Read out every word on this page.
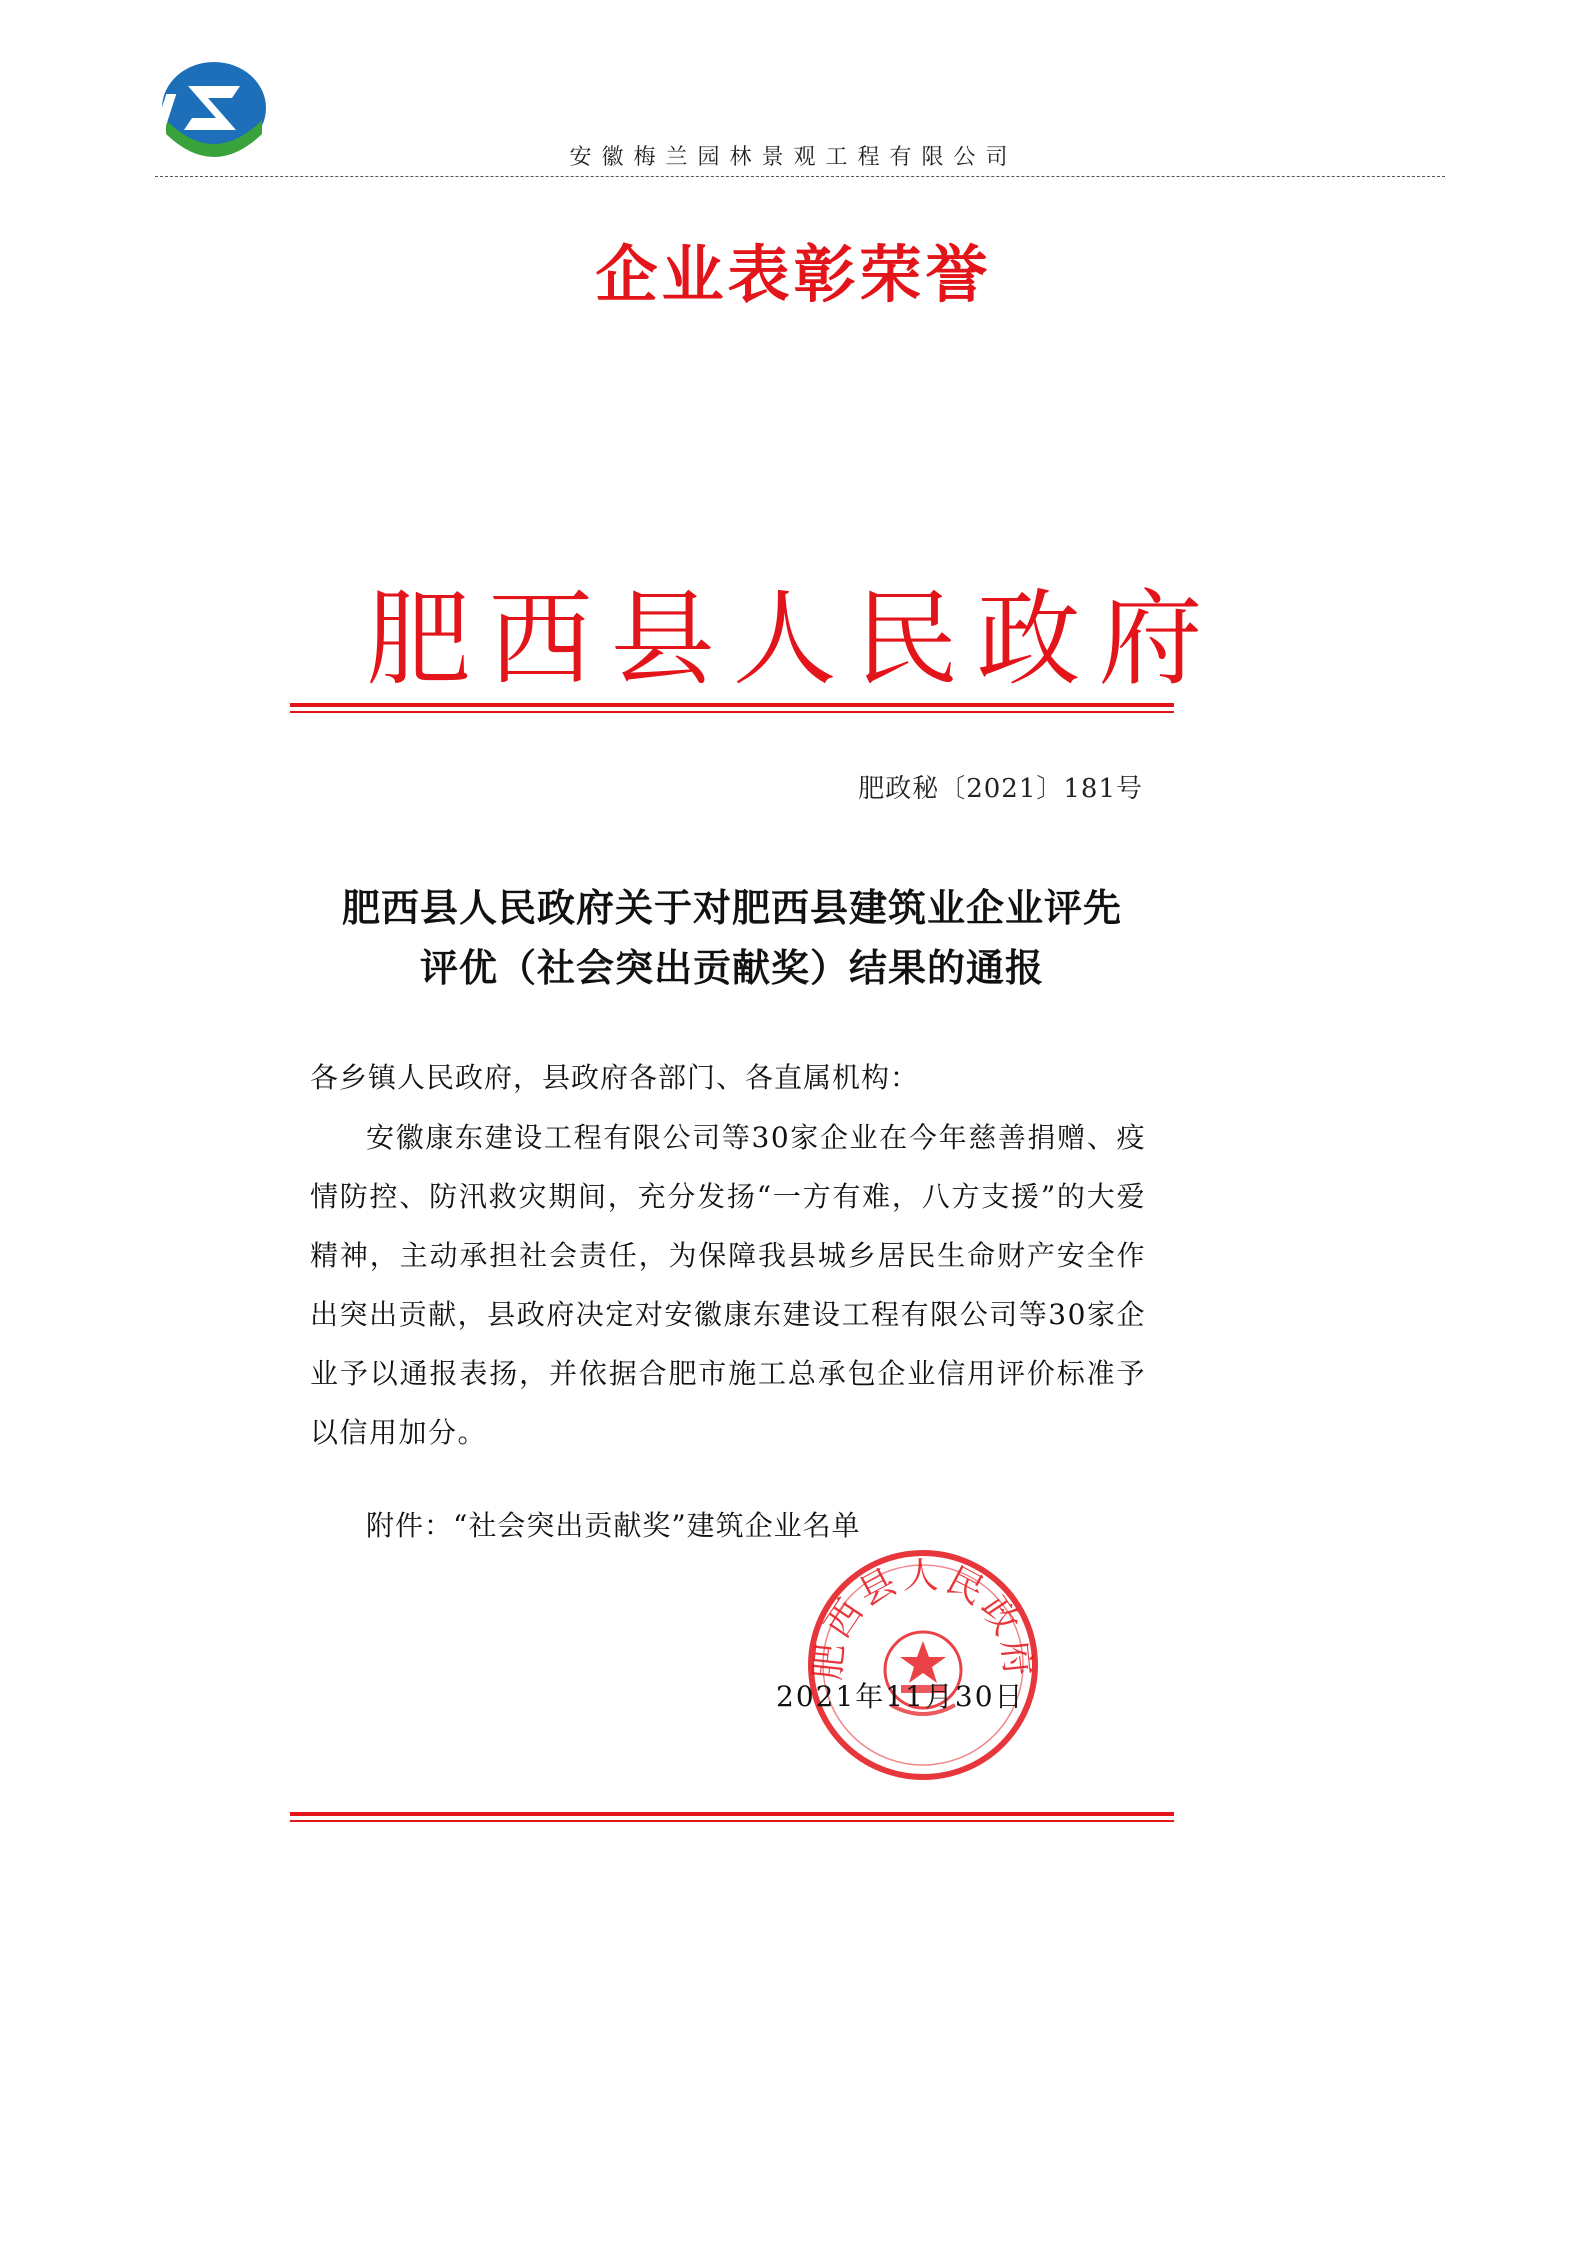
安徽梅兰园林景观工程有限公司
企业表彰荣誉
肥西县人民政府
肥政秘〔2021〕181号
肥西县人民政府关于对肥西县建筑业企业评先
评优（社会突出贡献奖）结果的通报
各乡镇人民政府，县政府各部门、各直属机构：
安徽康东建设工程有限公司等30家企业在今年慈善捐赠、疫情防控、防汛救灾期间，充分发扬“一方有难，八方支援”的大爱精神，主动承担社会责任，为保障我县城乡居民生命财产安全作出突出贡献，县政府决定对安徽康东建设工程有限公司等30家企业予以通报表扬，并依据合肥市施工总承包企业信用评价标准予以信用加分。
附件：“社会突出贡献奖”建筑企业名单
肥西县人民政府
2021年11月30日
